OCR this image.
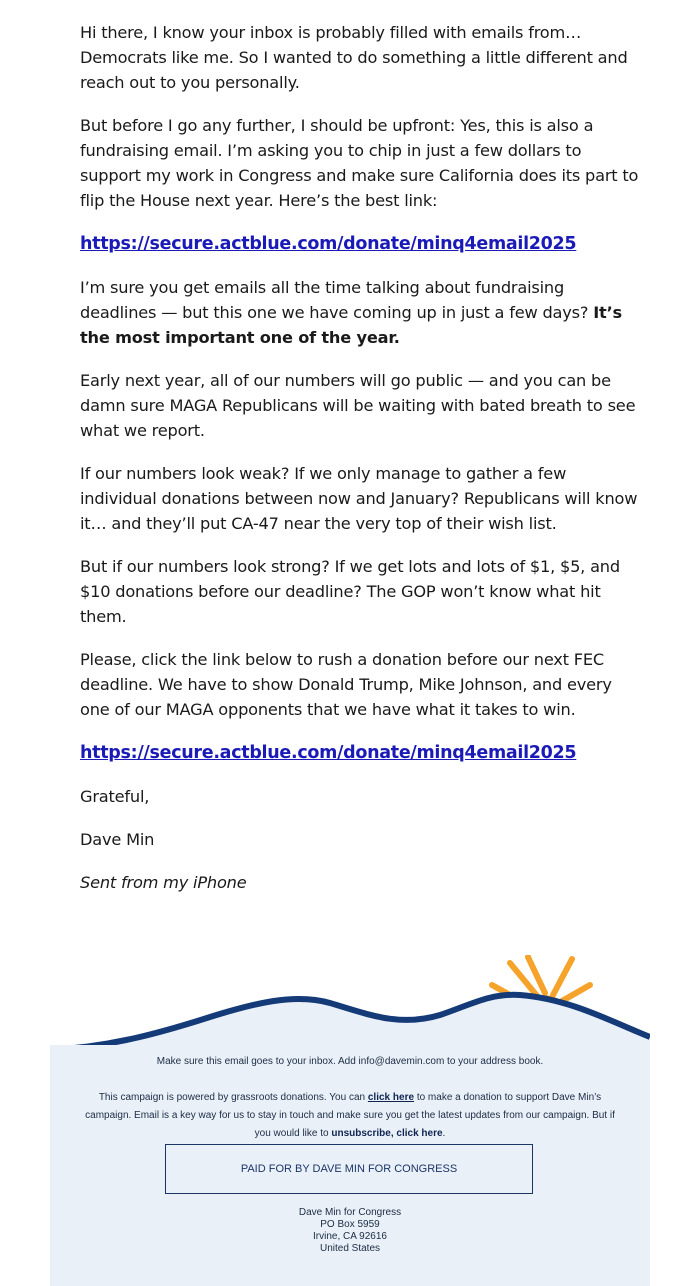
Hi there, I know your inbox is probably filled with emails from… Democrats like me. So I wanted to do something a little different and reach out to you personally.

But before I go any further, I should be upfront: Yes, this is also a fundraising email. I’m asking you to chip in just a few dollars to support my work in Congress and make sure California does its part to flip the House next year. Here’s the best link:

https://secure.actblue.com/donate/minq4email2025

I’m sure you get emails all the time talking about fundraising deadlines — but this one we have coming up in just a few days? It’s the most important one of the year.

Early next year, all of our numbers will go public — and you can be damn sure MAGA Republicans will be waiting with bated breath to see what we report.

If our numbers look weak? If we only manage to gather a few individual donations between now and January? Republicans will know it… and they’ll put CA-47 near the very top of their wish list.

But if our numbers look strong? If we get lots and lots of $1, $5, and $10 donations before our deadline? The GOP won’t know what hit them.

Please, click the link below to rush a donation before our next FEC deadline. We have to show Donald Trump, Mike Johnson, and every one of our MAGA opponents that we have what it takes to win.

https://secure.actblue.com/donate/minq4email2025

Grateful,

Dave Min

Sent from my iPhone

Make sure this email goes to your inbox. Add info@davemin.com to your address book.
This campaign is powered by grassroots donations. You can click here to make a donation to support Dave Min’s campaign. Email is a key way for us to stay in touch and make sure you get the latest updates from our campaign. But if you would like to unsubscribe, click here.
PAID FOR BY DAVE MIN FOR CONGRESS
Dave Min for Congress
PO Box 5959
Irvine, CA 92616
United States
